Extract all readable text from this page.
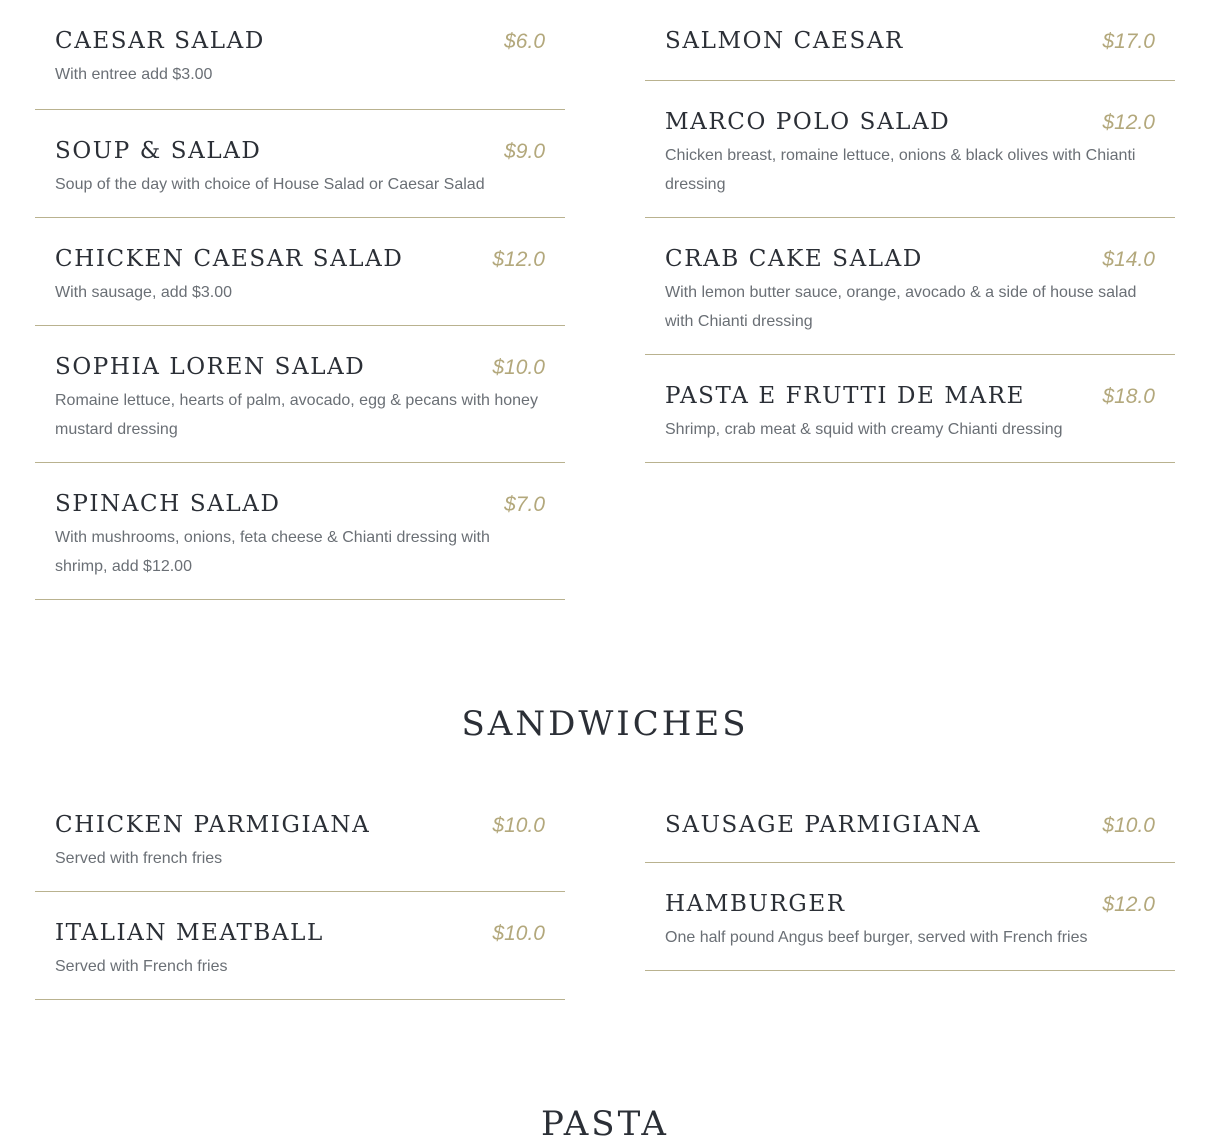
CAESAR SALAD	$6.0
With entree add $3.00
SOUP & SALAD	$9.0
Soup of the day with choice of House Salad or Caesar Salad
CHICKEN CAESAR SALAD	$12.0
With sausage, add $3.00
SOPHIA LOREN SALAD	$10.0
Romaine lettuce, hearts of palm, avocado, egg & pecans with honey mustard dressing
SPINACH SALAD	$7.0
With mushrooms, onions, feta cheese & Chianti dressing with shrimp, add $12.00
SALMON CAESAR	$17.0
MARCO POLO SALAD	$12.0
Chicken breast, romaine lettuce, onions & black olives with Chianti dressing
CRAB CAKE SALAD	$14.0
With lemon butter sauce, orange, avocado & a side of house salad with Chianti dressing
PASTA E FRUTTI DE MARE	$18.0
Shrimp, crab meat & squid with creamy Chianti dressing
SANDWICHES
CHICKEN PARMIGIANA	$10.0
Served with french fries
ITALIAN MEATBALL	$10.0
Served with French fries
SAUSAGE PARMIGIANA	$10.0
HAMBURGER	$12.0
One half pound Angus beef burger, served with French fries
PASTA
